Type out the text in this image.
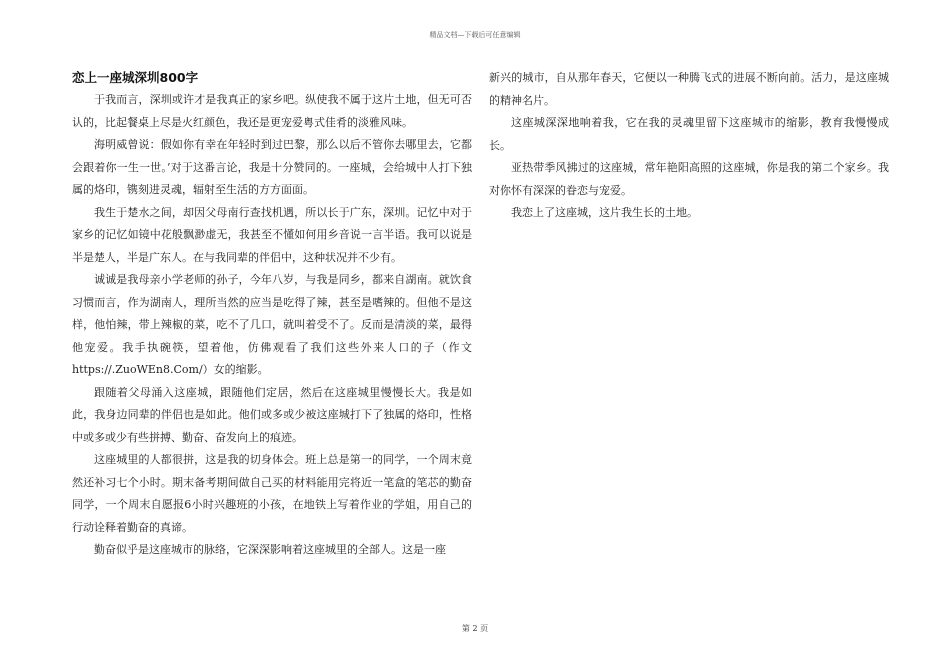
精品文档—下载后可任意编辑
恋上一座城深圳800字

于我而言，深圳或许才是我真正的家乡吧。纵使我不属于这片土地，但无可否认的，比起餐桌上尽是火红颜色，我还是更宠爱粤式佳肴的淡雅风味。

海明威曾说：假如你有幸在年轻时到过巴黎，那么以后不管你去哪里去，它都会跟着你一生一世。’对于这番言论，我是十分赞同的。一座城，会给城中人打下独属的烙印，镌刻进灵魂，辐射至生活的方方面面。

我生于楚水之间，却因父母南行查找机遇，所以长于广东，深圳。记忆中对于家乡的记忆如镜中花般飘渺虚无，我甚至不懂如何用乡音说一言半语。我可以说是半是楚人，半是广东人。在与我同辈的伴侣中，这种状况并不少有。

诚诚是我母亲小学老师的孙子，今年八岁，与我是同乡，都来自湖南。就饮食习惯而言，作为湖南人，理所当然的应当是吃得了辣，甚至是嗜辣的。但他不是这样，他怕辣，带上辣椒的菜，吃不了几口，就叫着受不了。反而是清淡的菜，最得他宠爱。我手执碗筷，望着他，仿佛观看了我们这些外来人口的子（作文https://.ZuoWEn8.Com/）女的缩影。

跟随着父母涌入这座城，跟随他们定居，然后在这座城里慢慢长大。我是如此，我身边同辈的伴侣也是如此。他们或多或少被这座城打下了独属的烙印，性格中或多或少有些拼搏、勤奋、奋发向上的痕迹。

这座城里的人都很拼，这是我的切身体会。班上总是第一的同学，一个周末竟然还补习七个小时。期末备考期间做自己买的材料能用完将近一笔盒的笔芯的勤奋同学，一个周末自愿报6小时兴趣班的小孩，在地铁上写着作业的学姐，用自己的行动诠释着勤奋的真谛。

勤奋似乎是这座城市的脉络，它深深影响着这座城里的全部人。这是一座

新兴的城市，自从那年春天，它便以一种腾飞式的进展不断向前。活力，是这座城的精神名片。

这座城深深地响着我，它在我的灵魂里留下这座城市的缩影，教育我慢慢成长。

亚热带季风拂过的这座城，常年艳阳高照的这座城，你是我的第二个家乡。我对你怀有深深的眷恋与宠爱。

我恋上了这座城，这片我生长的土地。

第 2 页
